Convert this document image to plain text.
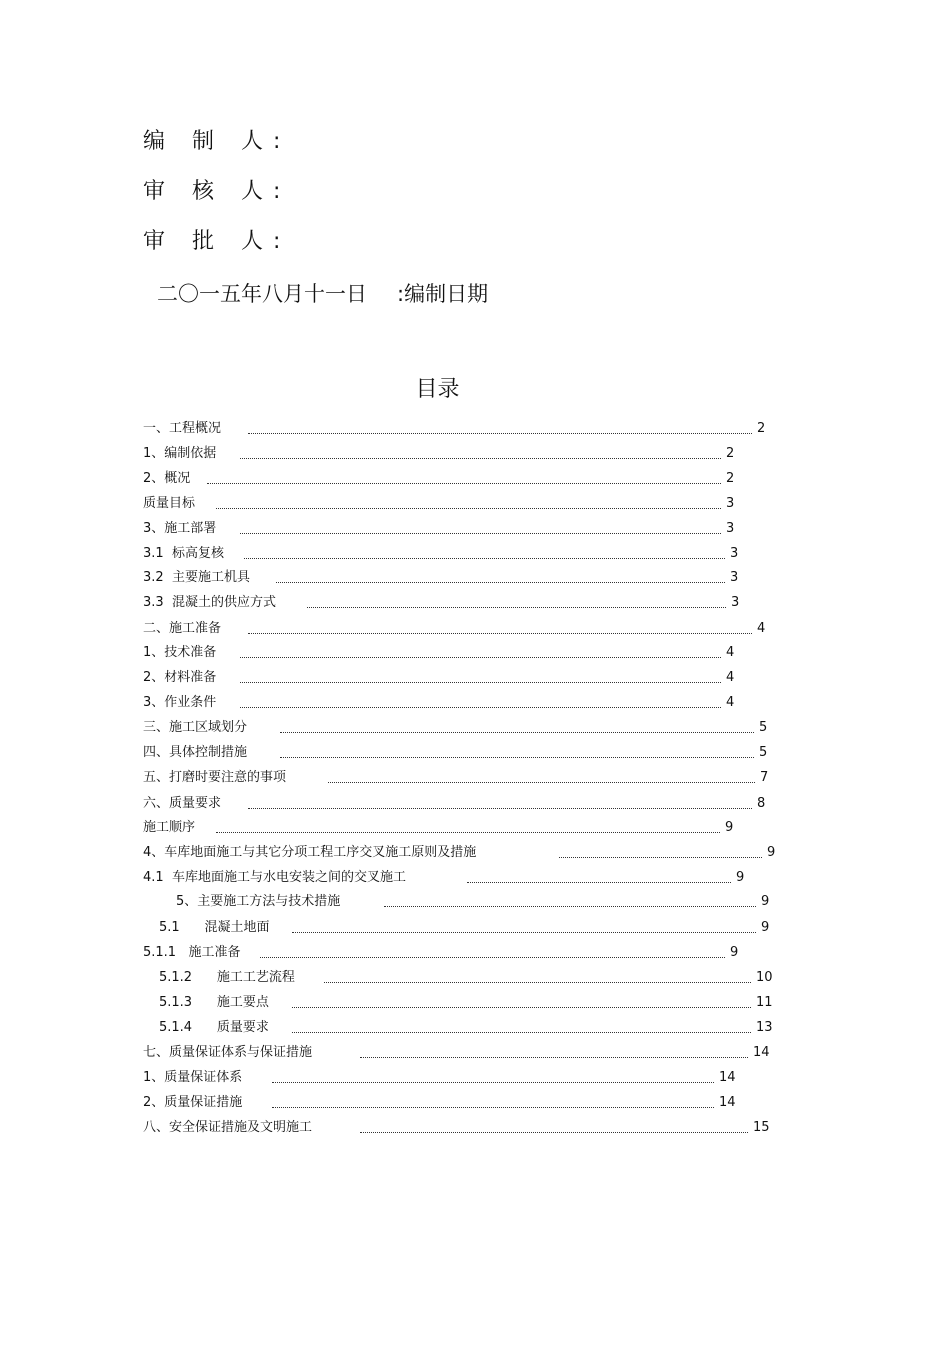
编 制 人:
审 核 人:
审 批 人:
二〇一五年八月十一日 :编制日期
目录
一、工程概况	2
1、编制依据	2
2、概况	2
质量目标	3
3、施工部署	3
3.1  标高复核	3
3.2  主要施工机具	3
3.3  混凝土的供应方式	3
二、施工准备	4
1、技术准备	4
2、材料准备	4
3、作业条件	4
三、施工区域划分	5
四、具体控制措施	5
五、打磨时要注意的事项	7
六、质量要求	8
施工顺序	9
4、车库地面施工与其它分项工程工序交叉施工原则及措施	9
4.1  车库地面施工与水电安装之间的交叉施工	9
5、主要施工方法与技术措施	9
5.1      混凝土地面	9
5.1.1   施工准备	9
5.1.2      施工工艺流程	10
5.1.3      施工要点	11
5.1.4      质量要求	13
七、质量保证体系与保证措施	14
1、质量保证体系	14
2、质量保证措施	14
八、安全保证措施及文明施工	15
